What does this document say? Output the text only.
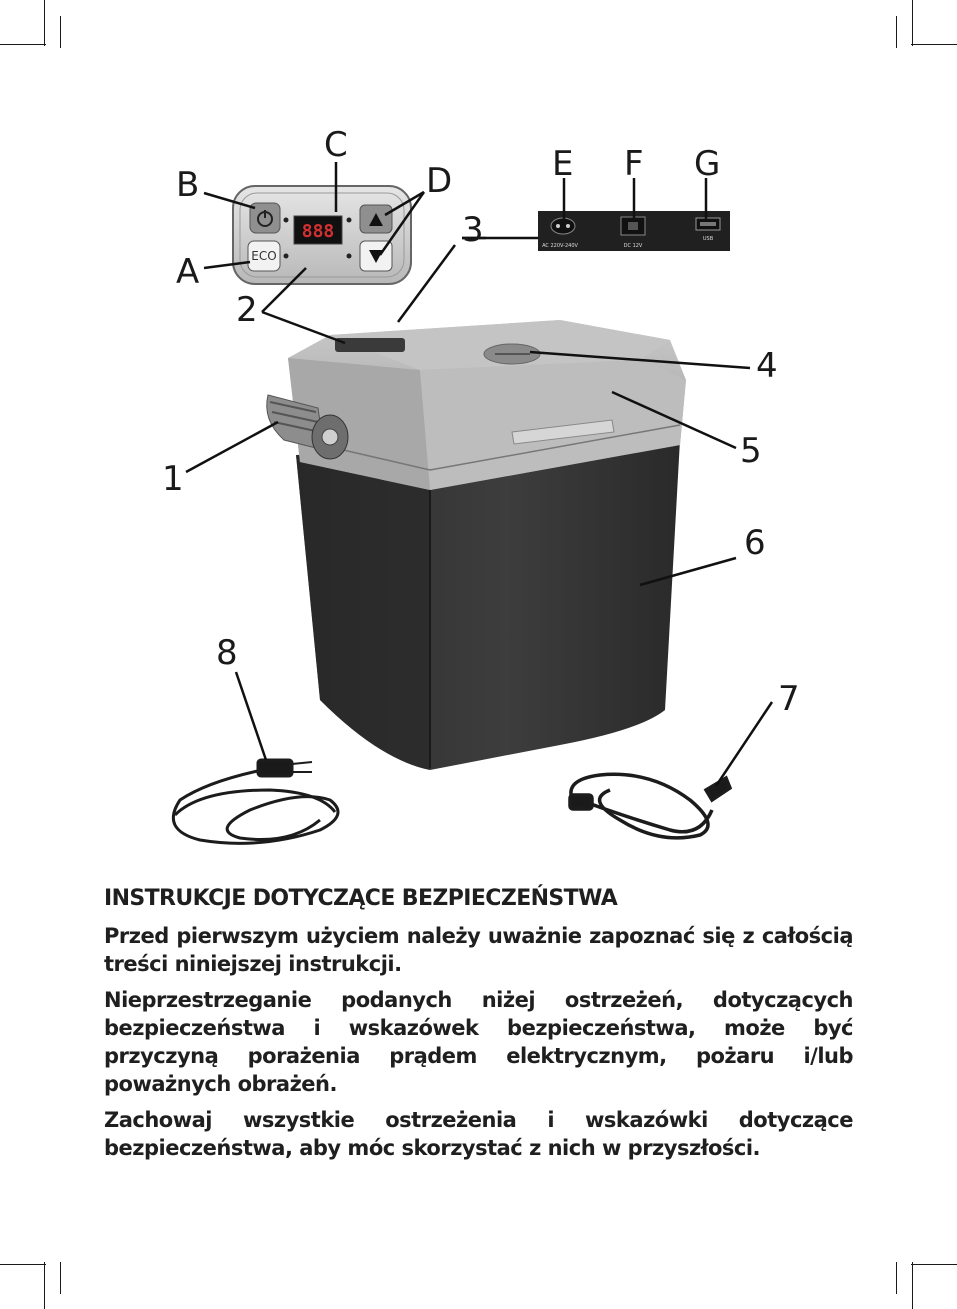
ECO
888
AC 220V-240V	DC 12V
USB
B
A
C
D	E F G
3
2
4
5
6
1
8
7
INSTRUKCJE DOTYCZĄCE BEZPIECZEŃSTWA

Przed pierwszym użyciem należy uważnie zapoznać się z całością treści niniejszej instrukcji.

Nieprzestrzeganie podanych niżej ostrzeżeń, dotyczących bezpieczeństwa i wskazówek bezpieczeństwa, może być przyczyną porażenia prądem elektrycznym, pożaru i/lub poważnych obrażeń.

Zachowaj wszystkie ostrzeżenia i wskazówki dotyczące bezpieczeństwa, aby móc skorzystać z nich w przyszłości.
